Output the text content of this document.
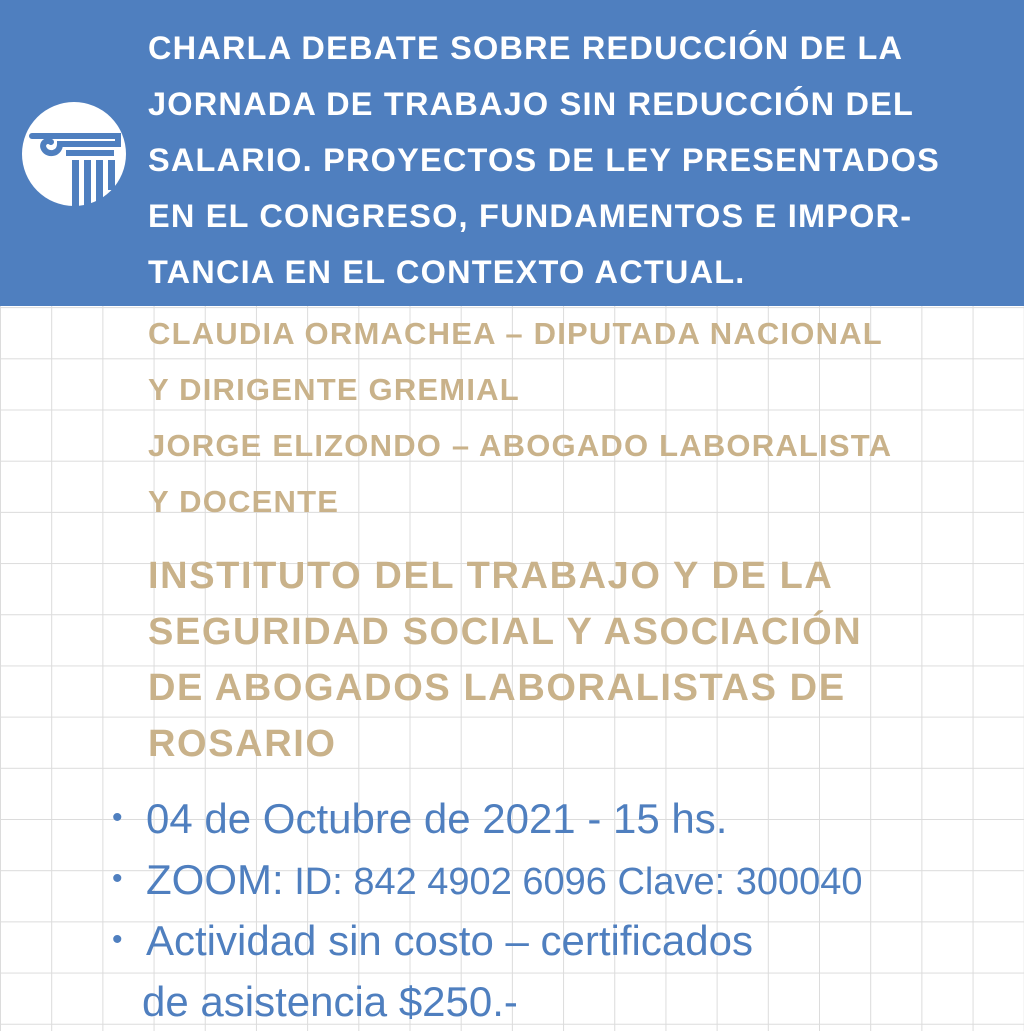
CHARLA DEBATE SOBRE REDUCCIÓN DE LA
JORNADA DE TRABAJO SIN REDUCCIÓN DEL
SALARIO. PROYECTOS DE LEY PRESENTADOS
EN EL CONGRESO, FUNDAMENTOS E IMPOR-
TANCIA EN EL CONTEXTO ACTUAL.
CLAUDIA ORMACHEA – DIPUTADA NACIONAL
Y DIRIGENTE GREMIAL
JORGE ELIZONDO – ABOGADO LABORALISTA
Y DOCENTE
INSTITUTO DEL TRABAJO Y DE LA
SEGURIDAD SOCIAL Y ASOCIACIÓN
DE ABOGADOS LABORALISTAS DE
ROSARIO
• 04 de Octubre de 2021 - 15 hs.
• ZOOM: ID: 842 4902 6096 Clave: 300040
• Actividad sin costo – certificados
de asistencia $250.-
